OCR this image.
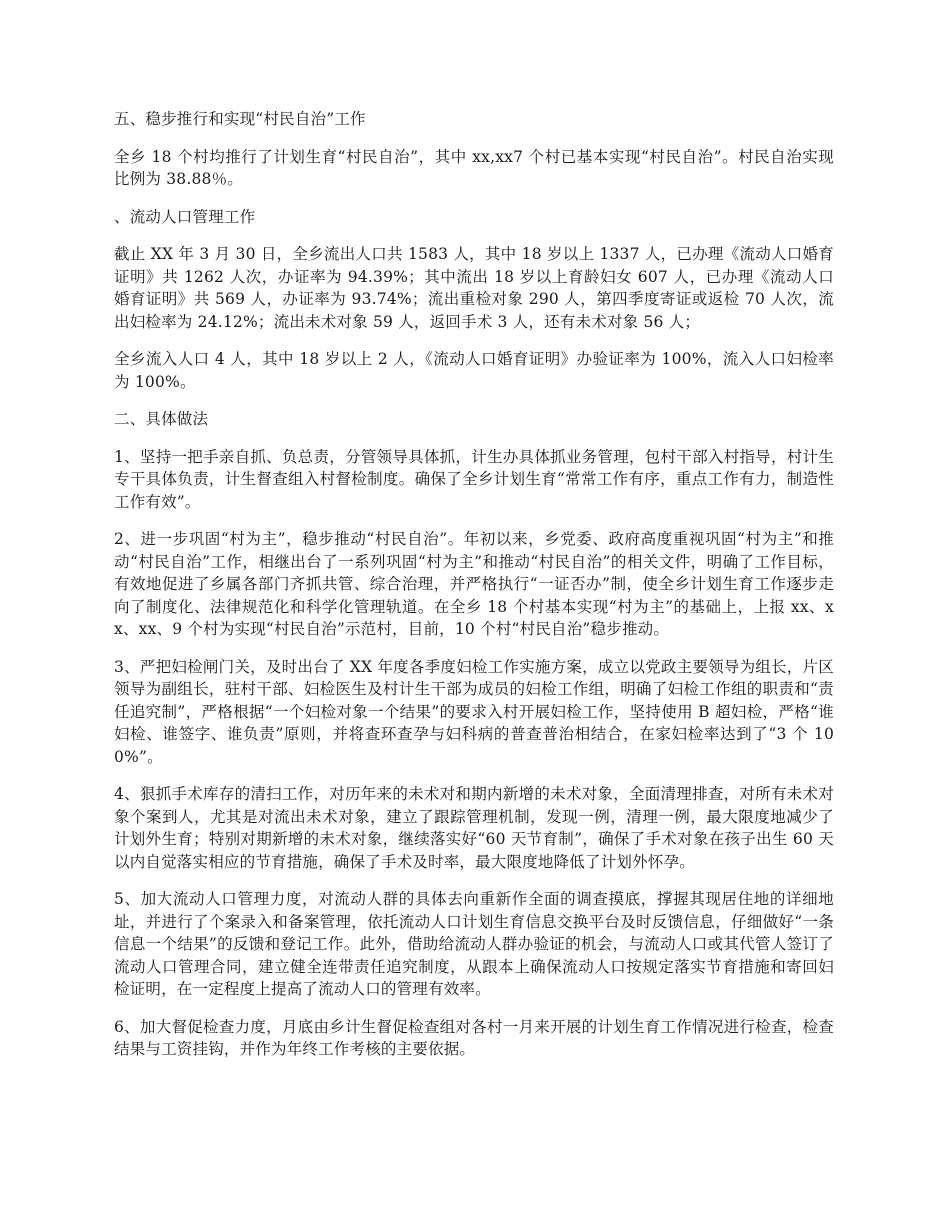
五、稳步推行和实现“村民自治”工作
全乡 18 个村均推行了计划生育“村民自治”，其中 xx,xx7 个村已基本实现“村民自治”。村民自治实现比例为 38.88％。
、流动人口管理工作
截止 XX 年 3 月 30 日，全乡流出人口共 1583 人，其中 18 岁以上 1337 人，已办理《流动人口婚育证明》共 1262 人次，办证率为 94.39%；其中流出 18 岁以上育龄妇女 607 人，已办理《流动人口婚育证明》共 569 人，办证率为 93.74%；流出重检对象 290 人，第四季度寄证或返检 70 人次，流出妇检率为 24.12%；流出未术对象 59 人，返回手术 3 人，还有未术对象 56 人；
全乡流入人口 4 人，其中 18 岁以上 2 人，《流动人口婚育证明》办验证率为 100%，流入人口妇检率为 100%。
二、具体做法
1、坚持一把手亲自抓、负总责，分管领导具体抓，计生办具体抓业务管理，包村干部入村指导，村计生专干具体负责，计生督查组入村督检制度。确保了全乡计划生育“常常工作有序，重点工作有力，制造性工作有效”。
2、进一步巩固“村为主”，稳步推动“村民自治”。年初以来，乡党委、政府高度重视巩固“村为主”和推动“村民自治”工作，相继出台了一系列巩固“村为主”和推动“村民自治”的相关文件，明确了工作目标，有效地促进了乡属各部门齐抓共管、综合治理，并严格执行“一证否办”制，使全乡计划生育工作逐步走向了制度化、法律规范化和科学化管理轨道。在全乡 18 个村基本实现“村为主”的基础上，上报 xx、xx、xx、9 个村为实现“村民自治”示范村，目前，10 个村“村民自治”稳步推动。
3、严把妇检闸门关，及时出台了 XX 年度各季度妇检工作实施方案，成立以党政主要领导为组长，片区领导为副组长，驻村干部、妇检医生及村计生干部为成员的妇检工作组，明确了妇检工作组的职责和“责任追究制”，严格根据“一个妇检对象一个结果”的要求入村开展妇检工作，坚持使用 B 超妇检，严格“谁妇检、谁签字、谁负责”原则，并将查环查孕与妇科病的普查普治相结合，在家妇检率达到了“3 个 100%”。
4、狠抓手术库存的清扫工作，对历年来的未术对和期内新增的未术对象，全面清理排查，对所有未术对象个案到人，尤其是对流出未术对象，建立了跟踪管理机制，发现一例，清理一例，最大限度地减少了计划外生育；特别对期新增的未术对象，继续落实好“60 天节育制”，确保了手术对象在孩子出生 60 天以内自觉落实相应的节育措施，确保了手术及时率，最大限度地降低了计划外怀孕。
5、加大流动人口管理力度，对流动人群的具体去向重新作全面的调查摸底，撑握其现居住地的详细地址，并进行了个案录入和备案管理，依托流动人口计划生育信息交换平台及时反馈信息，仔细做好“一条信息一个结果”的反馈和登记工作。此外，借助给流动人群办验证的机会，与流动人口或其代管人签订了流动人口管理合同，建立健全连带责任追究制度，从跟本上确保流动人口按规定落实节育措施和寄回妇检证明，在一定程度上提高了流动人口的管理有效率。
6、加大督促检查力度，月底由乡计生督促检查组对各村一月来开展的计划生育工作情况进行检查，检查结果与工资挂钩，并作为年终工作考核的主要依据。
